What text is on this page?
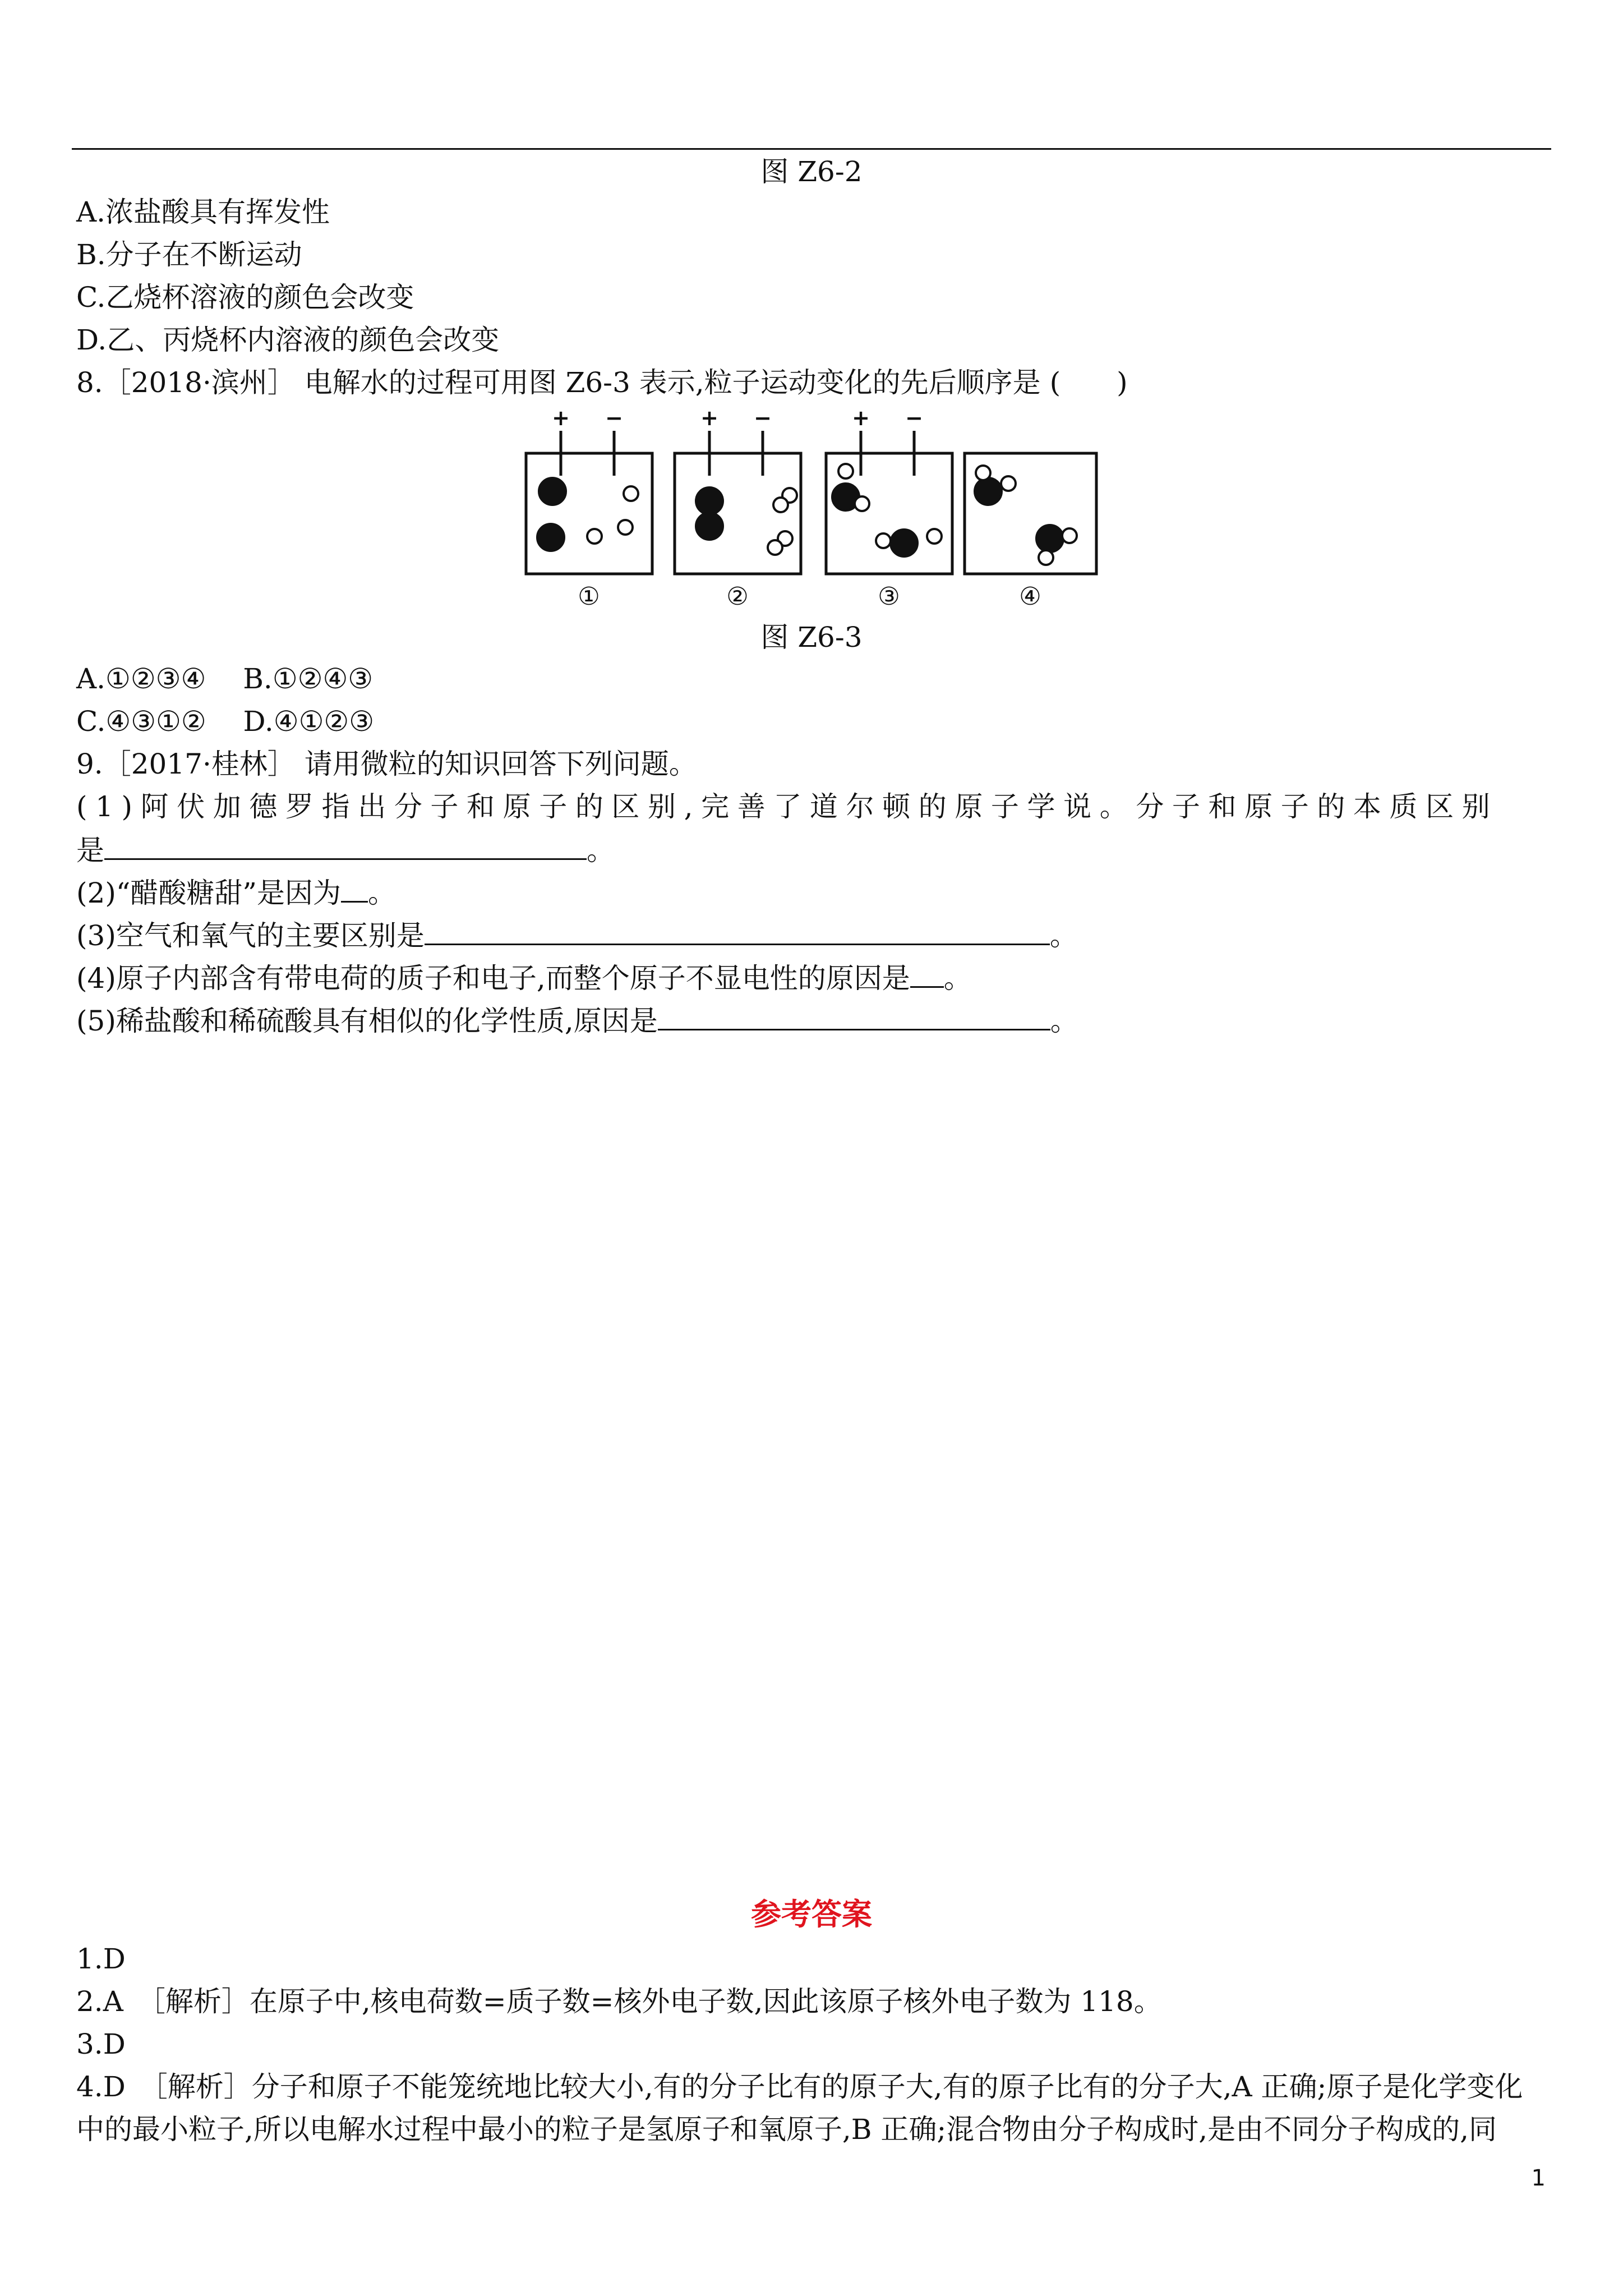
图 Z6-2
A.浓盐酸具有挥发性
B.分子在不断运动
C.乙烧杯溶液的颜色会改变
D.乙、丙烧杯内溶液的颜色会改变
8.［2018·滨州］ 电解水的过程可用图 Z6-3 表示,粒子运动变化的先后顺序是 (　　)
+ −	+ −	+ −
①	②	③	④
图 Z6-3
A.①②③④　 B.①②④③
C.④③①②　 D.④①②③
9.［2017·桂林］ 请用微粒的知识回答下列问题。
(1)阿伏加德罗指出分子和原子的区别,完善了道尔顿的原子学说。分子和原子的本质区别
是	。
(2)“醋酸糖甜”是因为 。
(3)空气和氧气的主要区别是	。
(4)原子内部含有带电荷的质子和电子,而整个原子不显电性的原因是 。
(5)稀盐酸和稀硫酸具有相似的化学性质,原因是	。
参考答案
1.D
2.A　［解析］在原子中,核电荷数=质子数=核外电子数,因此该原子核外电子数为 118。
3.D
4.D　［解析］分子和原子不能笼统地比较大小,有的分子比有的原子大,有的原子比有的分子大,A 正确;原子是化学变化
中的最小粒子,所以电解水过程中最小的粒子是氢原子和氧原子,B 正确;混合物由分子构成时,是由不同分子构成的,同
1
